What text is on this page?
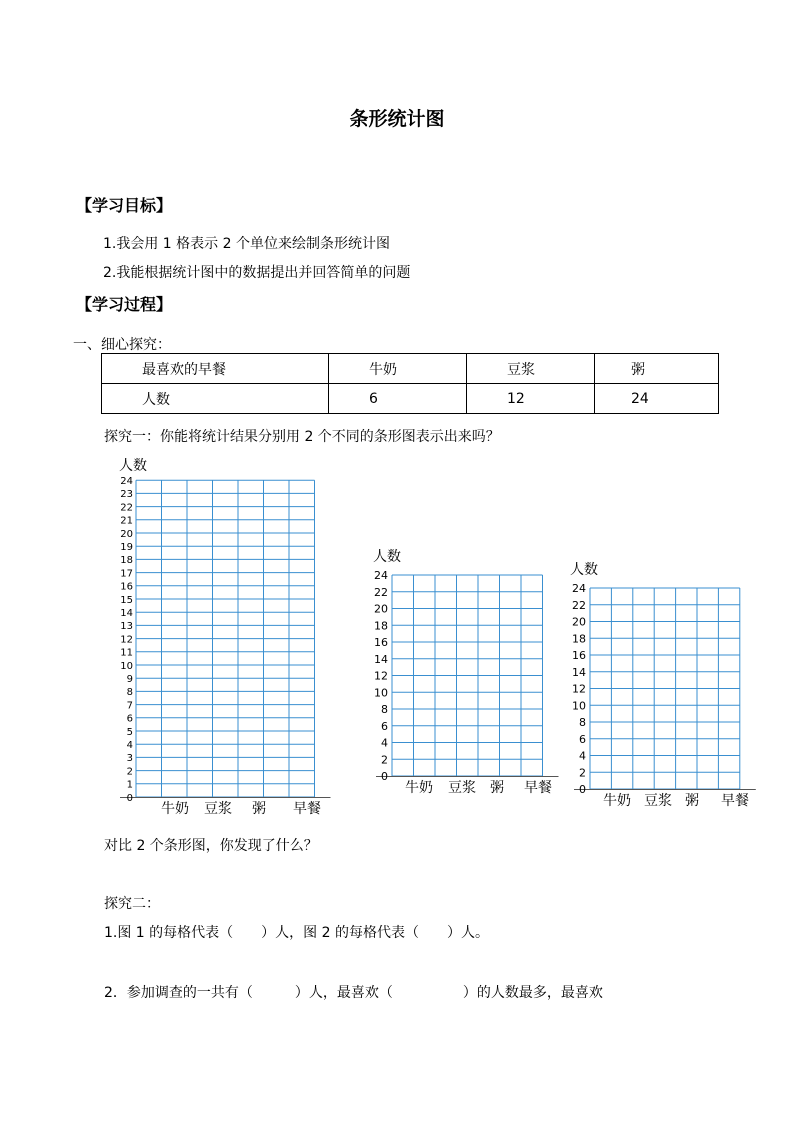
条形统计图
【学习目标】
1.我会用 1 格表示 2 个单位来绘制条形统计图
2.我能根据统计图中的数据提出并回答简单的问题
【学习过程】
一、细心探究：
最喜欢的早餐	牛奶	豆浆	粥
人数	6	12	24
探究一：你能将统计结果分别用 2 个不同的条形图表示出来吗？
24
23
22
21
20
19
18
17
16
15
14
13
12
11
10
9
8
7
6
5
4
3
2
1
0
人数
牛奶 豆浆 粥 早餐
24
22
20
18
16
14
12
10
8
6
4
2
0
人数
牛奶 豆浆 粥 早餐
24
22
20
18
16
14
12
10
8
6
4
2
0
人数
牛奶 豆浆 粥 早餐
对比 2 个条形图，你发现了什么？
探究二：
1.图 1 的每格代表（　　）人，图 2 的每格代表（　　）人。
2．参加调查的一共有（　　　）人，最喜欢（　　　　　）的人数最多，最喜欢
